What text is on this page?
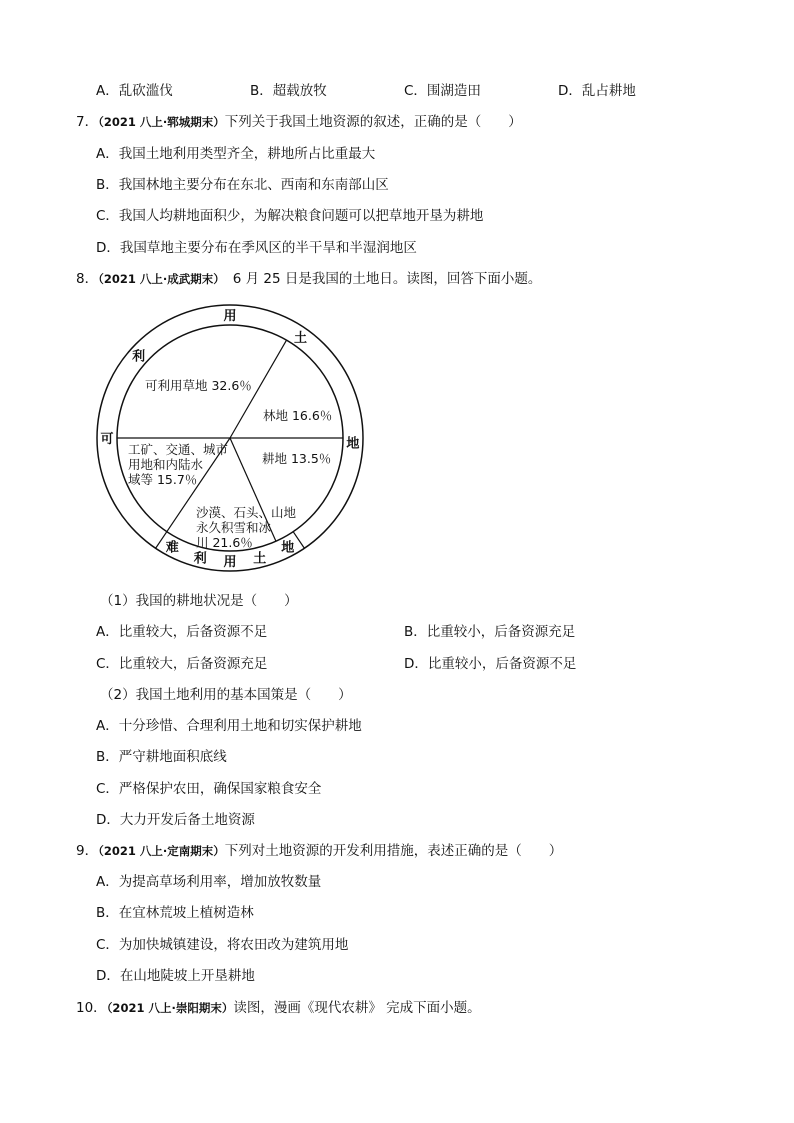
A．乱砍滥伐	B．超载放牧	C．围湖造田	D．乱占耕地
7．（2021 八上·郓城期末）下列关于我国土地资源的叙述，正确的是（　　）
A．我国土地利用类型齐全，耕地所占比重最大
B．我国林地主要分布在东北、西南和东南部山区
C．我国人均耕地面积少，为解决粮食问题可以把草地开垦为耕地
D．我国草地主要分布在季风区的半干旱和半湿润地区
8．（2021 八上·成武期末） 6 月 25 日是我国的土地日。读图，回答下面小题。
可利用草地 32.6％
林地 16.6％
耕地 13.5％
工矿、交通、城市
用地和内陆水
域等 15.7％
沙漠、石头、山地
永久积雪和冰
川 21.6％
可
利
用
土
地
难
利 用 土
地
（1）我国的耕地状况是（　　）
A．比重较大，后备资源不足	B．比重较小，后备资源充足
C．比重较大，后备资源充足	D．比重较小，后备资源不足
（2）我国土地利用的基本国策是（　　）
A．十分珍惜、合理利用土地和切实保护耕地
B．严守耕地面积底线
C．严格保护农田，确保国家粮食安全
D．大力开发后备土地资源
9．（2021 八上·定南期末）下列对土地资源的开发利用措施，表述正确的是（　　）
A．为提高草场利用率，增加放牧数量
B．在宜林荒坡上植树造林
C．为加快城镇建设，将农田改为建筑用地
D．在山地陡坡上开垦耕地
10．（2021 八上·崇阳期末）读图，漫画《现代农耕》 完成下面小题。
